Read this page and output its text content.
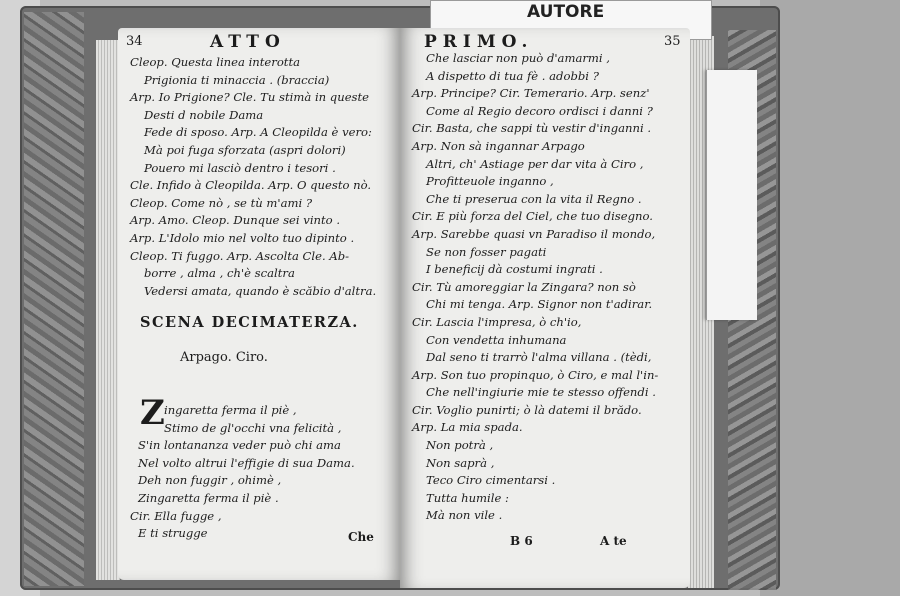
AUTORE
34	ATTO
Cleop. Questa linea interotta
Prigionia ti minaccia . (braccia)
Arp. Io Prigione? Cle. Tu stimà in queste
Desti d nobile Dama
Fede di sposo. Arp. A Cleopilda è vero:
Mà poi fuga sforzata (aspri dolori)
Pouero mi lasciò dentro i tesori .
Cle. Infido à Cleopilda. Arp. O questo nò.
Cleop. Come nò , se tù m'ami ?
Arp. Amo. Cleop. Dunque sei vinto .
Arp. L'Idolo mio nel volto tuo dipinto .
Cleop. Ti fuggo. Arp. Ascolta Cle. Ab-
borre , alma , ch'è scaltra
Vedersi amata, quando è scăbio d'altra.
SCENA DECIMATERZA.
Arpago. Ciro.
Z ingaretta ferma il piè ,
Stimo de gl'occhi vna felicità ,
S'in lontananza veder può chi ama
Nel volto altrui l'effigie di sua Dama.
Deh non fuggir , ohimè ,
Zingaretta ferma il piè .
Cir. Ella fugge ,
E ti strugge	Che
PRIMO.	35
Che lasciar non può d'amarmi ,
A dispetto di tua fè . adobbi ?
Arp. Principe? Cir. Temerario. Arp. senz'
Come al Regio decoro ordisci i danni ?
Cir. Basta, che sappi tù vestir d'inganni .
Arp. Non sà ingannar Arpago
Altri, ch' Astiage per dar vita à Ciro ,
Profitteuole inganno ,
Che ti preserua con la vita il Regno .
Cir. E più forza del Ciel, che tuo disegno.
Arp. Sarebbe quasi vn Paradiso il mondo,
Se non fosser pagati
I beneficij dà costumi ingrati .
Cir. Tù amoreggiar la Zingara? non sò
Chi mi tenga. Arp. Signor non t'adirar.
Cir. Lascia l'impresa, ò ch'io,
Con vendetta inhumana
Dal seno ti trarrò l'alma villana . (tèdi,
Arp. Son tuo propinquo, ò Ciro, e mal l'in-
Che nell'ingiurie mie te stesso offendi .
Cir. Voglio punirti; ò là datemi il brădo.
Arp. La mia spada.
Non potrà ,
Non saprà ,
Teco Ciro cimentarsi .
Tutta humile :
Mà non vile .
B 6	A te
